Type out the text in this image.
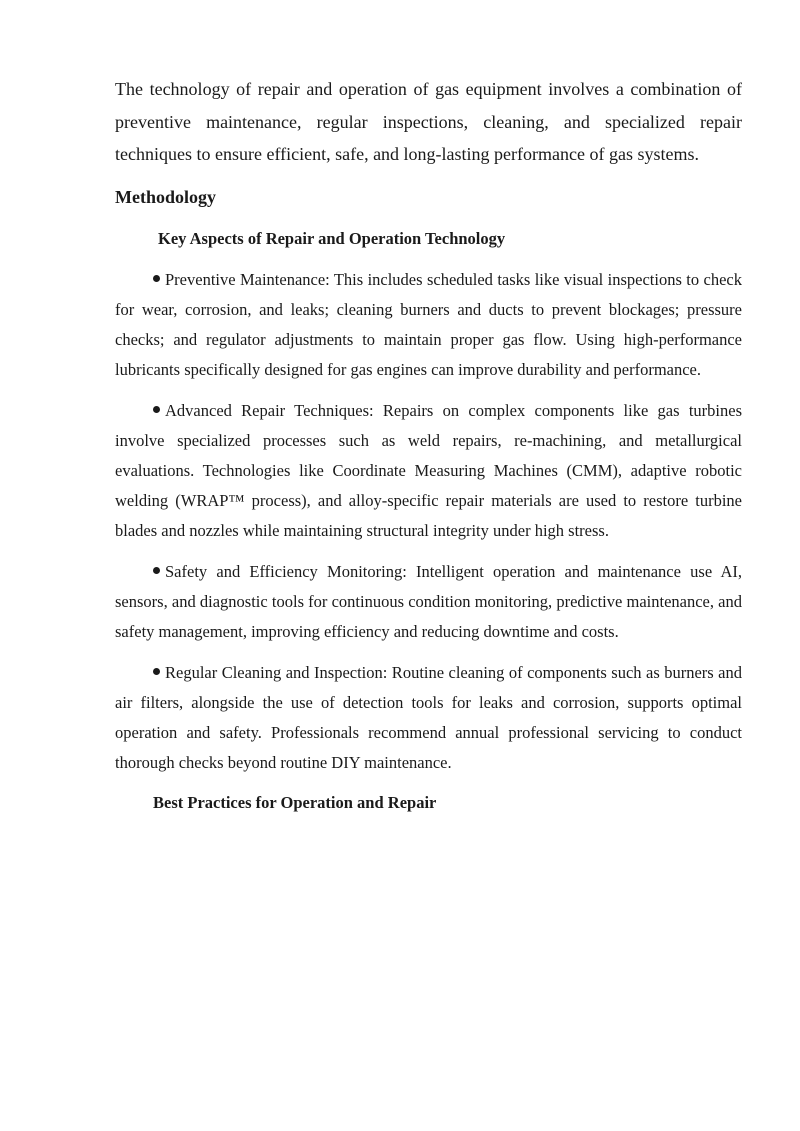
The technology of repair and operation of gas equipment involves a combination of preventive maintenance, regular inspections, cleaning, and specialized repair techniques to ensure efficient, safe, and long-lasting performance of gas systems.

Methodology
Key Aspects of Repair and Operation Technology

Preventive Maintenance: This includes scheduled tasks like visual inspections to check for wear, corrosion, and leaks; cleaning burners and ducts to prevent blockages; pressure checks; and regulator adjustments to maintain proper gas flow. Using high-performance lubricants specifically designed for gas engines can improve durability and performance.

Advanced Repair Techniques: Repairs on complex components like gas turbines involve specialized processes such as weld repairs, re-machining, and metallurgical evaluations. Technologies like Coordinate Measuring Machines (CMM), adaptive robotic welding (WRAP™ process), and alloy-specific repair materials are used to restore turbine blades and nozzles while maintaining structural integrity under high stress.

Safety and Efficiency Monitoring: Intelligent operation and maintenance use AI, sensors, and diagnostic tools for continuous condition monitoring, predictive maintenance, and safety management, improving efficiency and reducing downtime and costs.

Regular Cleaning and Inspection: Routine cleaning of components such as burners and air filters, alongside the use of detection tools for leaks and corrosion, supports optimal operation and safety. Professionals recommend annual professional servicing to conduct thorough checks beyond routine DIY maintenance.

Best Practices for Operation and Repair
